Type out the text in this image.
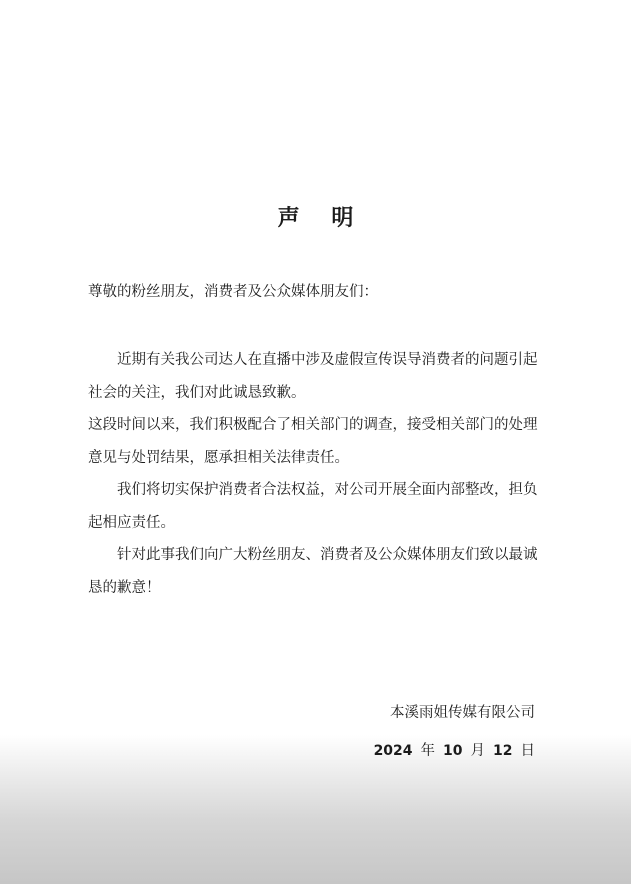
声 明
尊敬的粉丝朋友，消费者及公众媒体朋友们：

近期有关我公司达人在直播中涉及虚假宣传误导消费者的问题引起社会的关注，我们对此诚恳致歉。

这段时间以来，我们积极配合了相关部门的调查，接受相关部门的处理意见与处罚结果，愿承担相关法律责任。

我们将切实保护消费者合法权益，对公司开展全面内部整改，担负起相应责任。

针对此事我们向广大粉丝朋友、消费者及公众媒体朋友们致以最诚恳的歉意！

本溪雨姐传媒有限公司
2024 年 10 月 12 日
